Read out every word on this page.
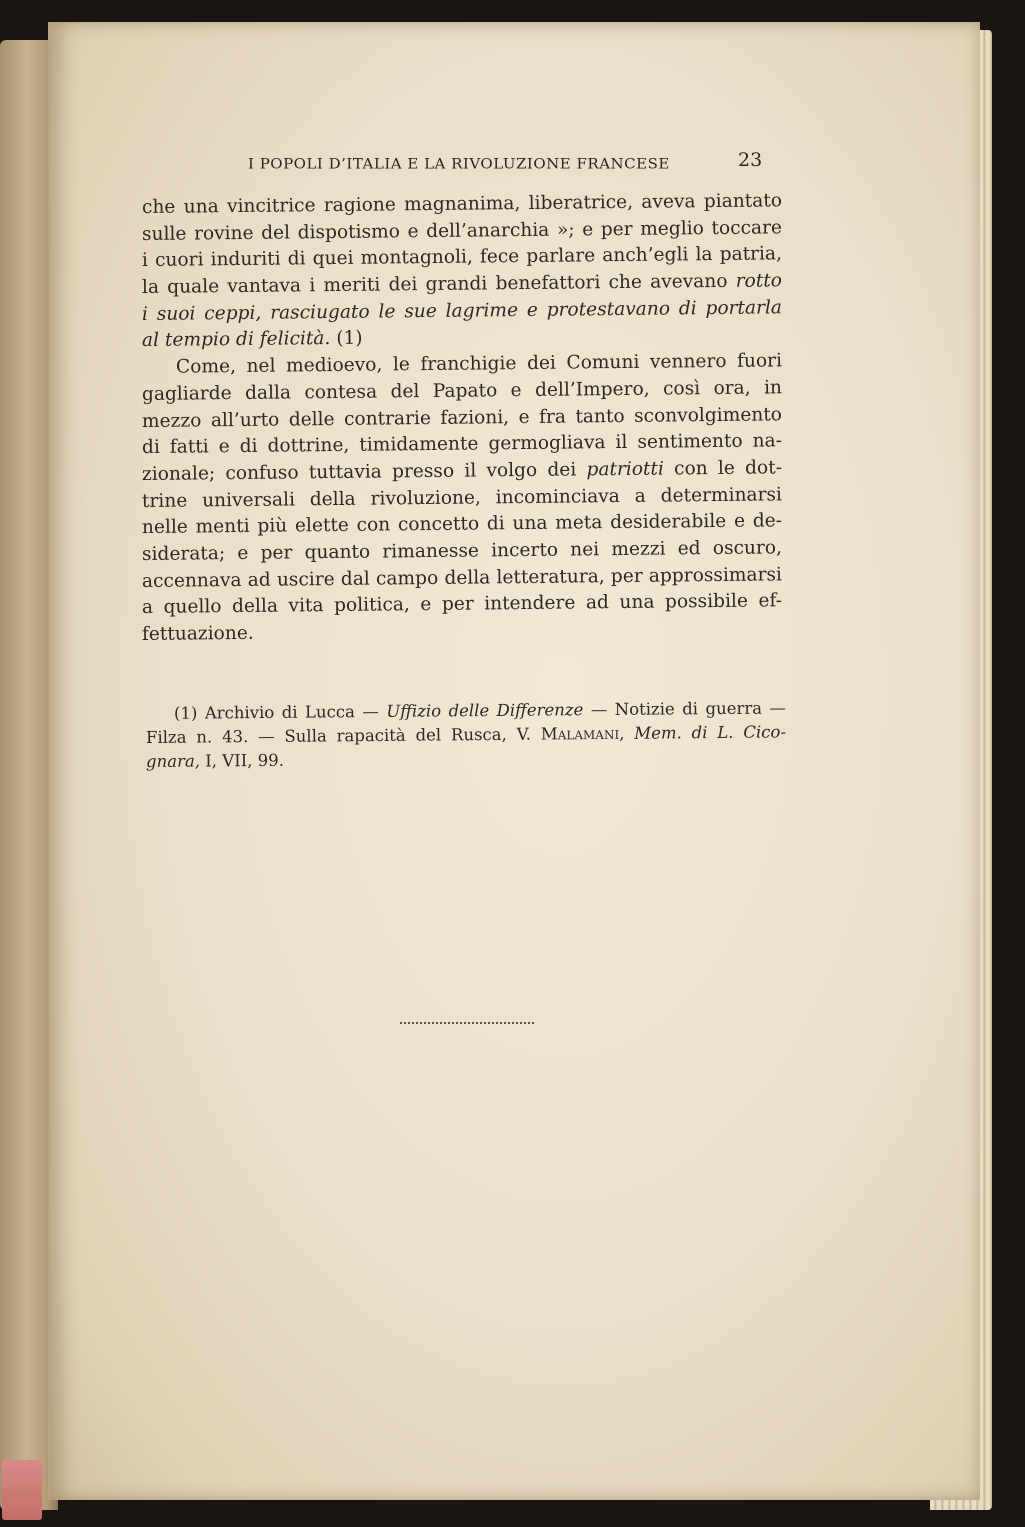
I POPOLI D’ITALIA E LA RIVOLUZIONE FRANCESE	23
che una vincitrice ragione magnanima, liberatrice, aveva piantato
sulle rovine del dispotismo e dell’anarchia »; e per meglio toccare
i cuori induriti di quei montagnoli, fece parlare anch’egli la patria,
la quale vantava i meriti dei grandi benefattori che avevano rotto
i suoi ceppi, rasciugato le sue lagrime e protestavano di portarla
al tempio di felicità. (1)
Come, nel medioevo, le franchigie dei Comuni vennero fuori
gagliarde dalla contesa del Papato e dell’Impero, così ora, in
mezzo all’urto delle contrarie fazioni, e fra tanto sconvolgimento
di fatti e di dottrine, timidamente germogliava il sentimento na-
zionale; confuso tuttavia presso il volgo dei patriotti con le dot-
trine universali della rivoluzione, incominciava a determinarsi
nelle menti più elette con concetto di una meta desiderabile e de-
siderata; e per quanto rimanesse incerto nei mezzi ed oscuro,
accennava ad uscire dal campo della letteratura, per approssimarsi
a quello della vita politica, e per intendere ad una possibile ef-
fettuazione.
(1) Archivio di Lucca — Uffizio delle Differenze — Notizie di guerra —
Filza n. 43. — Sulla rapacità del Rusca, V. Malamani, Mem. di L. Cico-
gnara, I, VII, 99.
